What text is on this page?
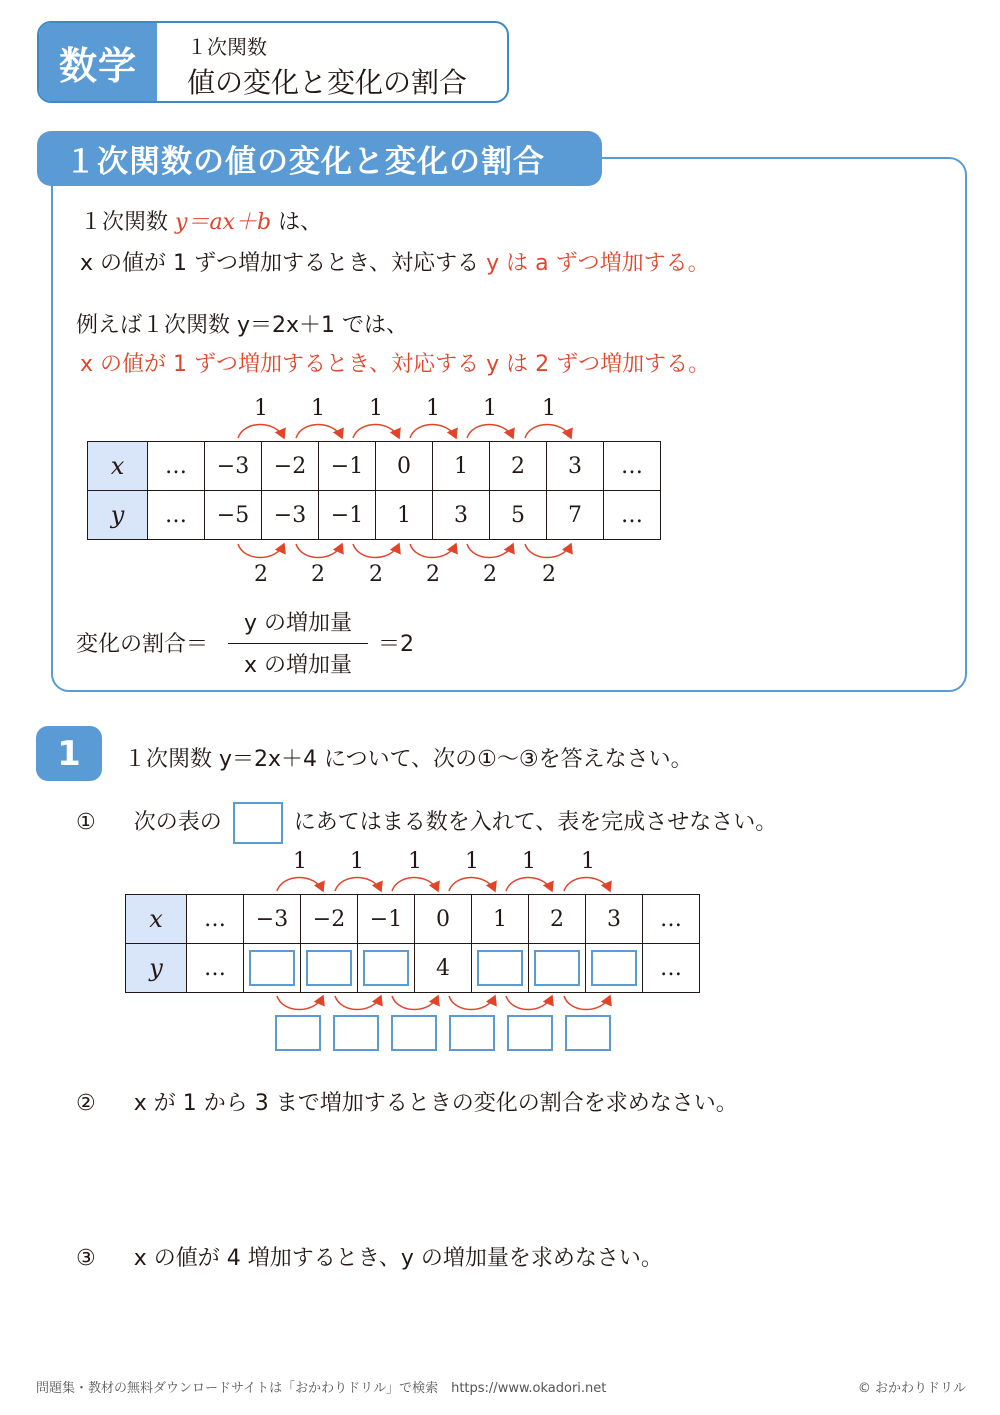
数学	１次関数
値の変化と変化の割合
１次関数の値の変化と変化の割合
１次関数 y＝ax＋b は、
x の値が 1 ずつ増加するとき、対応する y は a ずつ増加する。
例えば１次関数 y＝2x＋1 では、
x の値が 1 ずつ増加するとき、対応する y は 2 ずつ増加する。
1 1 1 1 1 1
x	…	−3	−2	−1	0	1	2	3	…
y	…	−5	−3	−1	1	3	5	7	…
2 2 2 2 2 2
変化の割合＝
y の増加量
x の増加量
＝2
1	１次関数 y＝2x＋4 について、次の①〜③を答えなさい。
① 次の表の	にあてはまる数を入れて、表を完成させなさい。
1 1 1 1 1 1
x	…	−3	−2	−1	0	1	2	3	…
y	…				4				…
② x が 1 から 3 まで増加するときの変化の割合を求めなさい。
③ x の値が 4 増加するとき、y の増加量を求めなさい。
問題集・教材の無料ダウンロードサイトは「おかわりドリル」で検索　https://www.okadori.net	© おかわりドリル
